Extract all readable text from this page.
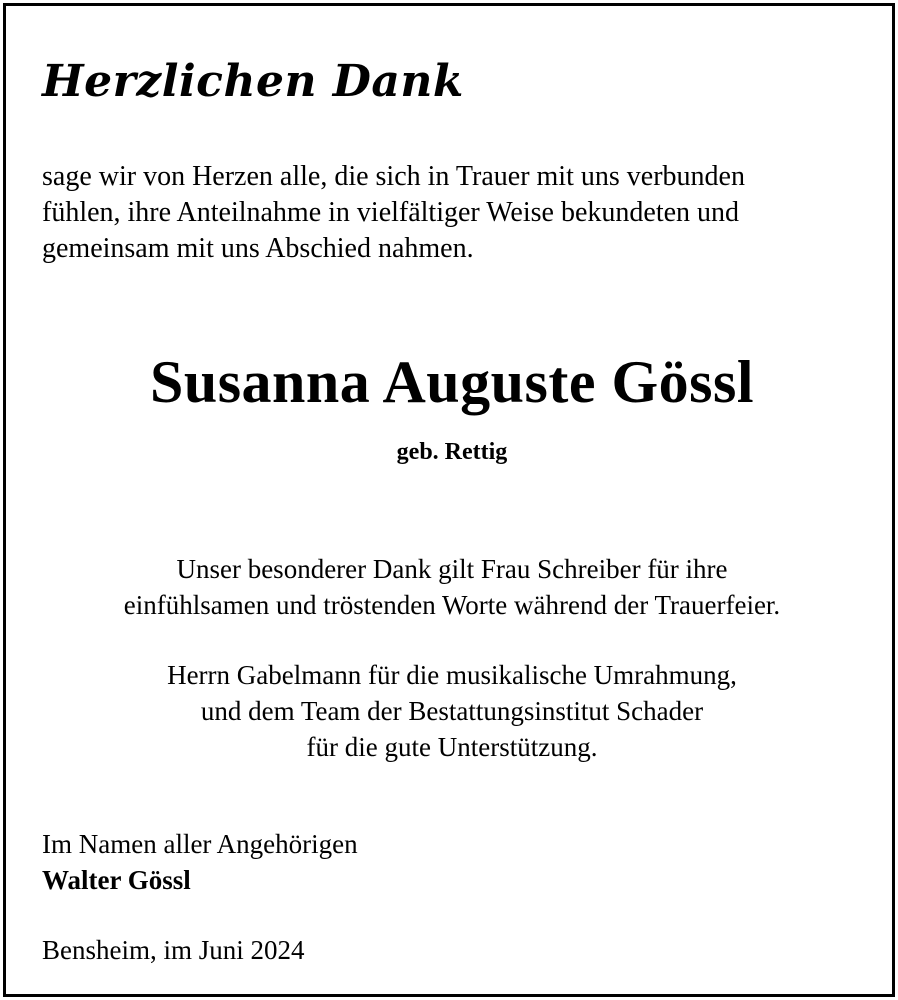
Herzlichen Dank
sage wir von Herzen alle, die sich in Trauer mit uns verbunden
fühlen, ihre Anteilnahme in vielfältiger Weise bekundeten und
gemeinsam mit uns Abschied nahmen.
Susanna Auguste Gössl
geb. Rettig
Unser besonderer Dank gilt Frau Schreiber für ihre
einfühlsamen und tröstenden Worte während der Trauerfeier.
Herrn Gabelmann für die musikalische Umrahmung,
und dem Team der Bestattungsinstitut Schader
für die gute Unterstützung.
Im Namen aller Angehörigen
Walter Gössl
Bensheim, im Juni 2024
